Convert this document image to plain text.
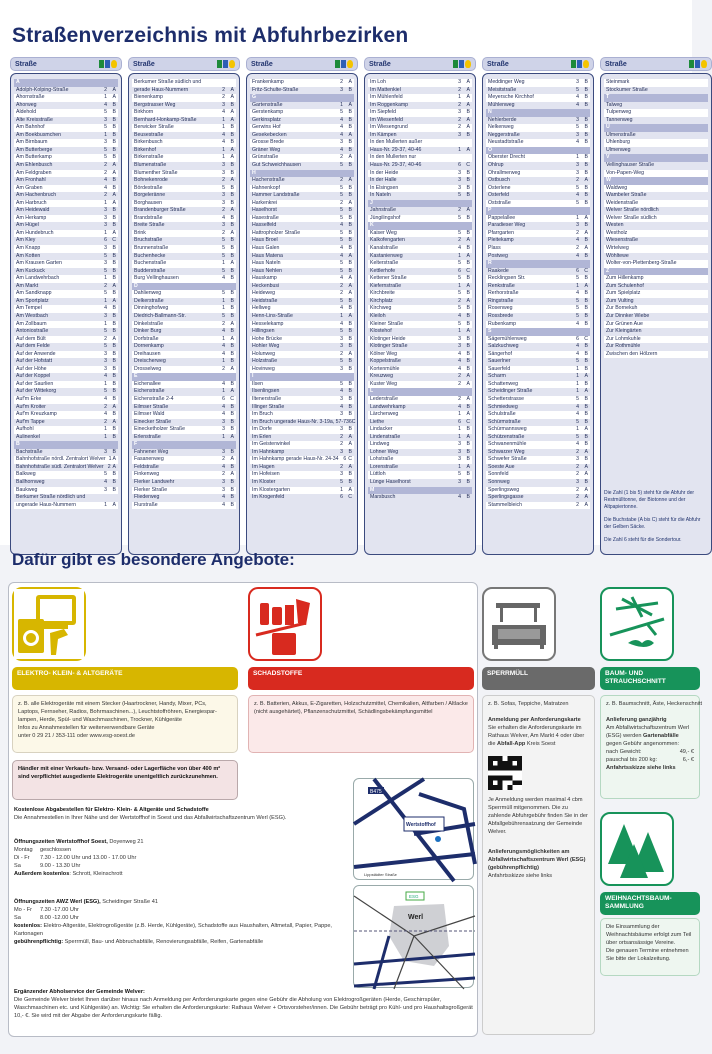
Straßenverzeichnis mit Abfuhrbezirken
Straße
A
Adolph-Kolping-Straße	2	A
Ahornstraße	1	A
Ahorweg	4	B
Aldehold	5	B
Alte Kreisstraße	3	B
Am Bahnhof	5	B
Am Boekbusmchen	1	B
Am Birnbaum	3	B
Am Butterberge	5	B
Am Butterkamp	5	B
Am Ehlenbusch	2	A
Am Feldgraben	2	A
Am Fronhahl	4	B
Am Graben	4	B
Am Hachenbruch	2	A
Am Harbruch	1	A
Am Heidewald	3	B
Am Herkamp	3	B
Am Hügel	3	B
Am Hundebruch	1	A
Am Kley	6	C
Am Knapp	3	B
Am Kotten	5	B
Am Krausen Garten	3	B
Am Kuckuck	5	B
Am Landwehrbach	1	B
Am Markt	2	A
Am Sandknapp	5	B
Am Sportplatz	1	A
Am Tempel	4	B
Am Westbach	3	B
Am Zollbaum	1	B
Antoniostraße	5	B
Auf dem Bült	2	A
Auf dem Felde	5	B
Auf der Anwende	3	B
Auf der Hofstatt	3	B
Auf der Höhe	3	B
Auf der Koppel	4	B
Auf der Saurlien	1	B
Auf der Wittekorg	5	B
Auf'm Erke	4	B
Auf'm Kroiter	2	A
Auf'm Kreuzkamp	4	B
Auf'm Tappe	2	A
Aufhohl	1	B
Aulinenkel	1	B
B
Bachstraße	3	B
Bahnhofstraße nördl. Zentralort Welver 1 A
Bahnhofstraße südl. Zentralort Welver 2 A
Balkweg	5	B
Ballhornweg	4	B
Baukweg	3	B
Berkumer Straße nördlich und
ungerade Haus-Nummern	1	A
Straße
Berkumer Straße südlich und
gerade Haus-Nummern	2	A
Bienenkamp	2	A
Bergstrasser Weg	3	B
Birkhorn	4	A
Bernhard-Honkamp-Straße	1	A
Berwicker Straße	1	B
Beusestraße	4	B
Birkenbusch	4	B
Birkenhof	1	A
Birkenstraße	1	A
Blumenstraße	3	B
Blumenther Straße	3	B
Bohnekenrode	2	A
Bördestraße	5	B
Borgeleränne	3	B
Borghausen	3	B
Brandenburger Straße	2	A
Brandstraße	4	B
Breite Straße	3	B
Brink	2	A
Bruchstraße	5	B
Brunnenstraße	5	B
Buchenhecke	5	B
Buchenstraße	1	A
Budderstraße	5	B
Burg Vellinghausen	4	B
D
Dahlienweg	5	B
Delkerstraße	1	B
Dinninghofweg	1	B
Diedrich-Ballmann-Str.	5	B
Dinkelstraße	2	A
Dinker Burg	4	B
Dorfstraße	1	A
Dornenkamp	4	B
Dreihausen	4	B
Dreischerweg	1	B
Drosselweg	2	A
E
Eichenallee	4	B
Eichenstraße	1	A
Eichenstraße 2-4	6	C
Eilmser Straße	4	B
Eilmser Wald	4	B
Einecker Straße	3	B
Einecketholzer Straße	3	B
Erlenstraße	1	A
F
Fahnener Weg	3	B
Fasanenweg	2	A
Feldstraße	4	B
Finkenweg	2	A
Flerker Landwehr	3	B
Flerker Straße	3	B
Fliederweg	4	B
Flurstraße	4	B
Straße
Frankenkamp	2	A
Fritz-Schulte-Straße	3	B
G
Gartenstraße	1	A
Gerstenkamp	5	B
Gerkinsplatz	4	B
Gerwins Hof	4	B
Gesekebecken	4	A
Grosse Brede	3	B
Gräner Weg	4	B
Grünstraße	2	A
Gut Schweichhausen	5	B
H
Hachenstraße	2	A
Hahnenkopf	5	B
Hammer Landstraße	5	B
Harkenkrei	2	A
Haselhorst	5	B
Hasestraße	5	B
Hasselfeld	4	B
Hattropholzer Straße	5	B
Haus Broel	5	B
Haus Galen	4	B
Haus Matena	4	A
Haus Nateln	5	B
Haus Nehlen	5	B
Hauskamp	4	A
Heckenbusi	2	A
Heideweg	2	A
Heidstraße	5	B
Hellweg	4	B
Henn-Lins-Straße	1	A
Hesselekamp	4	B
Hillingsen	5	B
Hohe Brücke	3	B
Hohler Weg	3	B
Holunweg	2	A
Holzstraße	5	B
Hovinweg	3	B
I
Ilsen	5	B
Ilsenlingsen	4	B
Iltenerstraße	3	B
Illinger Straße	4	B
Im Bruch	3	B
Im Bruch ungerade Haus-Nr. 3-19a, 57-73 6 C
Im Dorfe	3	B
Im Erlen	2	A
Im Geisterwinkel	2	A
Im Hahnkamp	3	B
Im Hahnkamp gerade Haus-Nr. 24-34 6 C
Im Hagen	2	A
Im Hofeisen	3	B
Im Kloster	5	B
Im Klostergarten	1	A
Im Krogenfeld	6	C
Straße
Im Loh	3	A
Im Mattenkiel	2	A
Im Mühlenfeld	1	A
Im Roggenkamp	2	A
Im Siepfeld	3	B
Im Wiesenfeld	2	A
Im Wiesengrund	2	A
Im Kämpen	3	B
In den Mullerten außer
Haus-Nr. 29-37, 40-46	1	A
In den Mullerten nur
Haus-Nr. 29-37, 40-46	6	C
In der Heide	3	B
In der Halle	3	B
In Elsingsen	3	B
In Nateln	5	B
J
Jahnstraße	2	A
Jüngilingshof	5	B
K
Kaiser Weg	5	B
Kalkofengarten	2	A
Kanalstraße	4	B
Kastanienweg	1	A
Kelterstraße	5	B
Kettlerhofe	6	C
Kettener Straße	5	B
Kiefernstraße	1	A
Kirchbreite	5	B
Kirchplatz	2	A
Kirchweg	5	B
Kleiloh	4	B
Kleiner Straße	5	B
Klostehof	1	A
Klotinger Heide	3	B
Klotinger Straße	3	B
Kölner Weg	4	B
Koppelstraße	4	B
Kortenmühle	4	B
Kreuzweg	2	A
Kuster Weg	2	A
L
Lederstraße	2	A
Landwehrkamp	4	B
Lärchenweg	1	A
Liethe	6	C
Lindacker	1	B
Lindenstraße	1	A
Lindweg	3	B
Lohner Weg	3	B
Lohstraße	3	B
Lorenstraße	1	A
Lüttloh	5	B
Lünge Haselhorst	3	B
M
Marsbusch	4	B
Straße
Meddinger Weg	3	B
Meisitstraße	5	B
Meyersche Kirchhof	4	B
Mühlenweg	4	B
N
Nehlerberde	3	B
Nelkenweg	5	B
Neggerstraße	3	B
Neustadtstraße	4	B
O
Oberster Drecht	1	B
Ohlrup	3	B
Ohrallmerweg	3	B
Ostbusch	2	A
Osterlene	5	B
Osterfeld	4	B
Oststraße	5	B
P
Pappelallee	1	A
Paradieser Weg	3	B
Pfarrgarten	2	A
Pleitekamp	4	B
Plass	2	A
Postweg	4	B
R
Raakede	6	C
Recklingsen Str.	5	B
Renkstraße	1	A
Rerhorstraße	4	B
Ringstraße	5	B
Rosenweg	5	B
Rossbrede	5	B
Rubenkamp	4	B
S
Sägemühlenweg	6	C
Salzkuchweg	4	B
Sängerhof	4	B
Sauerlner	5	B
Sauerfeld	1	B
Scharm	1	A
Schattenweg	1	B
Scheidinger Straße	1	A
Schetterstrasse	5	B
Schmiedweg	4	B
Schulstraße	4	B
Schürmstraße	5	B
Schürmannsweg	1	A
Schützenstraße	5	B
Schwanenmühle	4	B
Schwarzer Weg	2	A
Schwefer Straße	3	B
Soeste Aue	2	A
Sonnfeld	2	A
Sonnweg	3	B
Sperlingsweg	2	A
Sperlingsgasse	2	A
Stammelbleich	2	A
Straße
Steinmark
Stockumer Straße
T
Talweg
Tulpenweg
Tannenweg
U
Ulmenstraße
Uhlenburg
Ulmenweg
V
Vellinghauser Straße
Von-Papen-Weg
W
Waldweg
Wambeler Straße
Weidenstraße
Welver Straße nördlich
Welver Straße südlich
Westen
Westholz
Wiesenstraße
Wirtelweg
Wöhltewe
Wolter-von-Plettenberg-Straße
Z
Zum Hillenkamp
Zum Schulenhof
Zum Spielplatz
Zum Vulting
Zur Bornekuh
Zur Dinnker Wiebe
Zur Grünen Aue
Zur Kleingärten
Zur Lohmkuhle
Zur Rothmühle
Zwischen den Hölzern

Die Zahl (1 bis 5) steht für die Abfuhr der Restmülltonne, der Biotonne und der Altpapiertonne.

Die Buchstabe (A bis C) steht für die Abfuhr der Gelben Säcke.

Die Zahl 6 steht für die Sondertour.

Dafür gibt es besondere Angebote:
ELEKTRO- KLEIN- & ALTGERÄTE
z. B. alle Elektrogeräte mit einem Stecker (Haartrockner, Handy, Mixer, PCs,
Laptops, Fernseher, Radios, Bohrmaschinen...), Leuchtstoffröhren, Energiespar-
lampen, Herde, Spül- und Waschmaschinen, Trockner, Kühlgeräte
Infos zu Annahmestellen für weiterverwendbare Geräte
unter 0 29 21 / 353-111 oder www.esg-soest.de
Händler mit einer Verkaufs- bzw. Versand- oder Lagerfläche von über 400 m² sind verpflichtet ausgediente Elektrogeräte unentgeltlich zurückzunehmen.
Kostenlose Abgabestellen für Elektro- Klein- & Altgeräte und Schadstoffe
Die Annahmestellen in Ihrer Nähe und der Wertstoffhof in Soest und das Abfallwirtschaftszentrum Werl (ESG).
Öffnungszeiten Wertstoffhof Soest, Doyenweg 21
Montag geschlossen
Di - Fr 7.30 - 12.00 Uhr und 13.00 - 17.00 Uhr
Sa	9.00 - 13.30 Uhr
Außerdem kostenlos: Schrott, Kleinschrott
Öffnungszeiten AWZ Werl (ESG), Scheidinger Straße 41
Mo - Fr 7.30 -17.00 Uhr
Sa	8.00 -12.00 Uhr
kostenlos: Elektro-Altgeräte, Elektrogroßgeräte (z.B. Herde, Kühlgeräte), Schadstoffe aus Haushalten, Altmetall, Papier, Pappe, Kartonagen
gebührenpflichtig: Sperrmüll, Bau- und Abbruchabfälle, Renovierungsabfälle, Reifen, Gartenabfälle
Ergänzender Abholservice der Gemeinde Welver:
Die Gemeinde Welver bietet Ihnen darüber hinaus nach Anmeldung per Anforderungskarte gegen eine Gebühr die Abholung von Elektrogroßgeräten (Herde, Geschirrspüler, Waschmaschinen etc. und Kühlgeräte) an. Wichtig: Sie erhalten die Anforderungskarte: Rathaus Welver + Ortsvorsteher/innen. Die Gebühr beträgt pro Kühl- und pro Haushaltsgroßgerät 10,- €. Sie wird mit der Abgabe der Anforderungskarte fällig.
SCHADSTOFFE
z. B. Batterien, Akkus, E-Zigaretten, Holzschutzmittel, Chemikalien, Altfarben / Altlacke (nicht ausgehärtet), Pflanzenschutzmittel, Schädlingsbekämpfungsmittel
B475
Wertstoffhof
Lippstädter Straße
ESG
Werl
SPERRMÜLL
z. B. Sofas, Teppiche, Matratzen
Anmeldung per Anforderungskarte
Sie erhalten die Anforderungskarte im Rathaus Welver, Am Markt 4 oder über die Abfall-App Kreis Soest
Je Anmeldung werden maximal 4 cbm Sperrmüll mitgenommen. Die zu zahlende Abfuhrgebühr finden Sie in der Abfallgebührensatzung der Gemeinde Welver.
Anlieferungsmöglichkeiten am Abfallwirtschaftszentrum Werl (ESG) (gebührenpflichtig)
Anfahrtsskizze siehe links
BAUM- UND STRAUCHSCHNITT
z. B. Baumschnitt, Äste, Heckenschnitt
Anlieferung ganzjährig
Am Abfallwirtschaftszentrum Werl (ESG) werden Gartenabfälle gegen Gebühr angenommen:
nach Gewicht:	49,- €
pauschal bis 200 kg:	6,- €
Anfahrtsskizze siehe links
WEIHNACHTSBAUM-SAMMLUNG
Die Einsammlung der Weihnachtsbäume erfolgt zum Teil über ortsansässige Vereine.
Die genauen Termine entnehmen Sie bitte der Lokalzeitung.
